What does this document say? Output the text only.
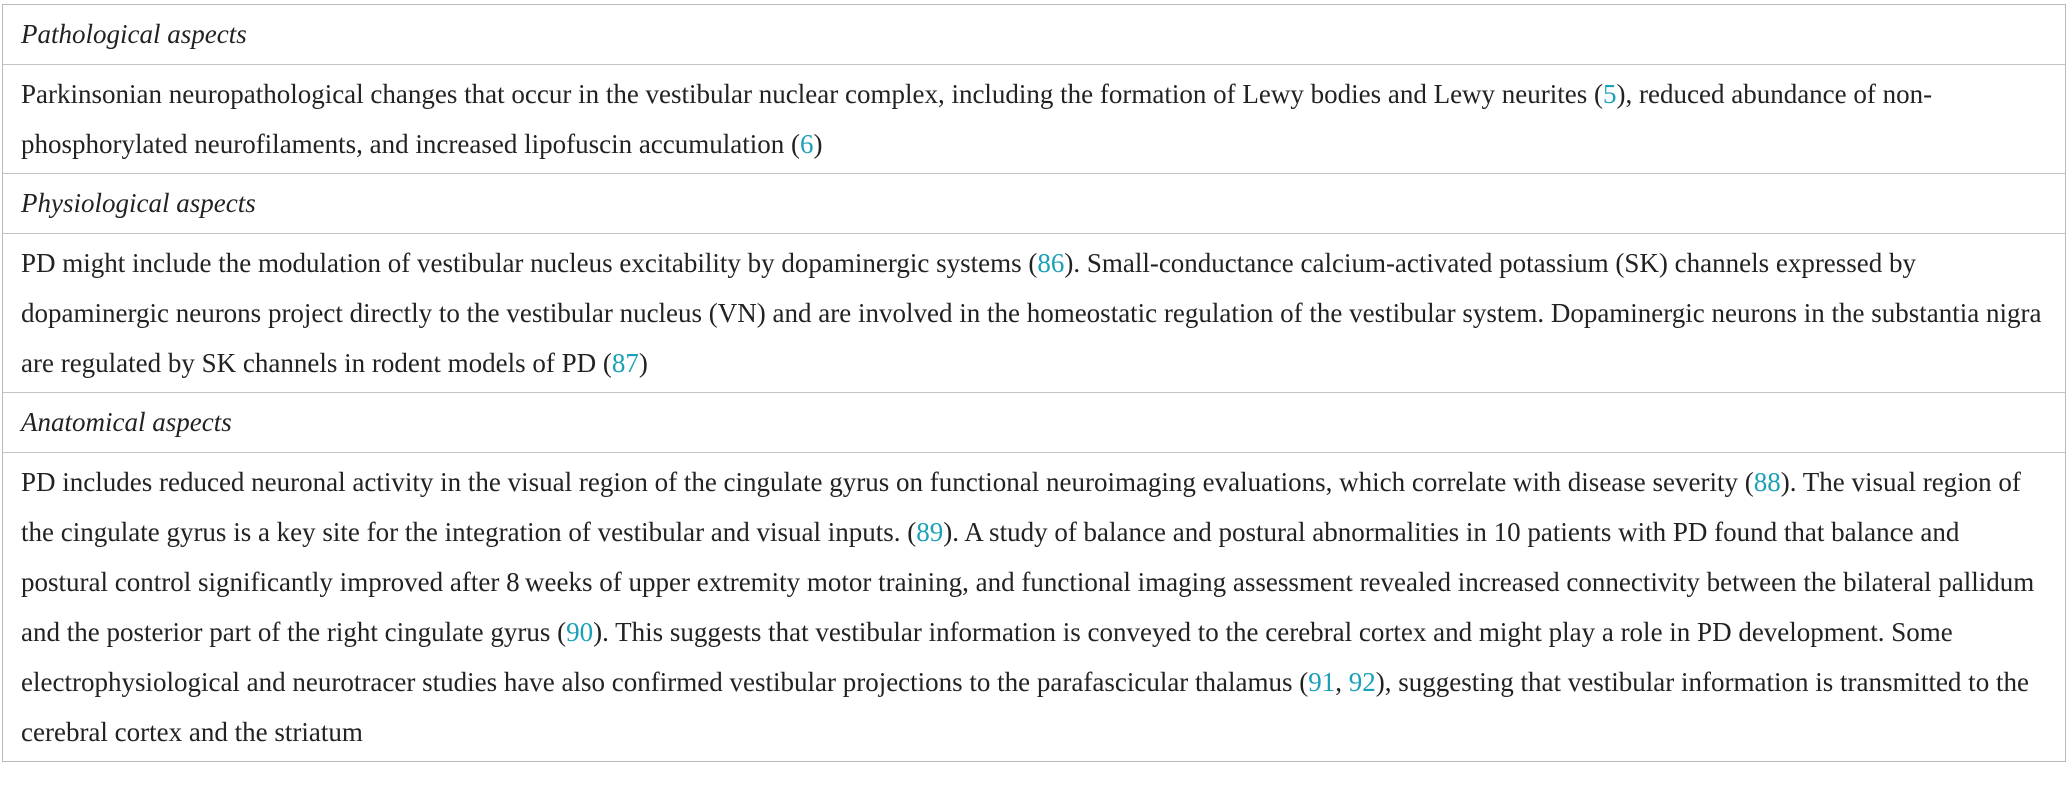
Pathological aspects
Parkinsonian neuropathological changes that occur in the vestibular nuclear complex, including the formation of Lewy bodies and Lewy neurites (5), reduced abundance of non-phosphorylated neurofilaments, and increased lipofuscin accumulation (6)
Physiological aspects
PD might include the modulation of vestibular nucleus excitability by dopaminergic systems (86). Small-conductance calcium-activated potassium (SK) channels expressed by dopaminergic neurons project directly to the vestibular nucleus (VN) and are involved in the homeostatic regulation of the vestibular system. Dopaminergic neurons in the substantia nigra are regulated by SK channels in rodent models of PD (87)
Anatomical aspects
PD includes reduced neuronal activity in the visual region of the cingulate gyrus on functional neuroimaging evaluations, which correlate with disease severity (88). The visual region of the cingulate gyrus is a key site for the integration of vestibular and visual inputs. (89). A study of balance and postural abnormalities in 10 patients with PD found that balance and postural control significantly improved after 8 weeks of upper extremity motor training, and functional imaging assessment revealed increased connectivity between the bilateral pallidum and the posterior part of the right cingulate gyrus (90). This suggests that vestibular information is conveyed to the cerebral cortex and might play a role in PD development. Some electrophysiological and neurotracer studies have also confirmed vestibular projections to the parafascicular thalamus (91, 92), suggesting that vestibular information is transmitted to the cerebral cortex and the striatum
